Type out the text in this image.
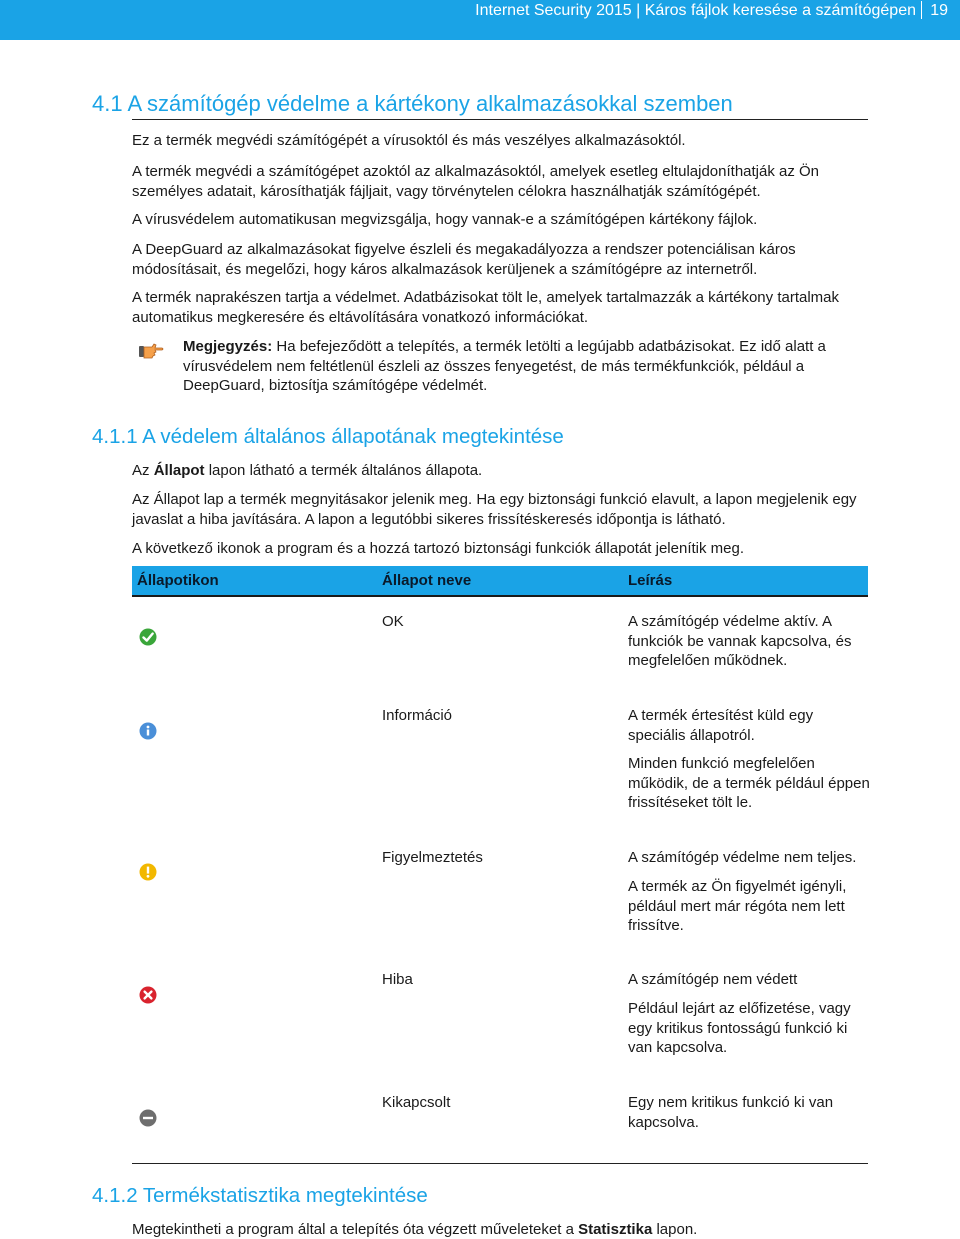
Internet Security 2015 | Káros fájlok keresése a számítógépen 19
4.1 A számítógép védelme a kártékony alkalmazásokkal szemben

Ez a termék megvédi számítógépét a vírusoktól és más veszélyes alkalmazásoktól.

A termék megvédi a számítógépet azoktól az alkalmazásoktól, amelyek esetleg eltulajdoníthatják az Ön személyes adatait, károsíthatják fájljait, vagy törvénytelen célokra használhatják számítógépét.

A vírusvédelem automatikusan megvizsgálja, hogy vannak-e a számítógépen kártékony fájlok.

A DeepGuard az alkalmazásokat figyelve észleli és megakadályozza a rendszer potenciálisan káros módosításait, és megelőzi, hogy káros alkalmazások kerüljenek a számítógépre az internetről.

A termék naprakészen tartja a védelmet. Adatbázisokat tölt le, amelyek tartalmazzák a kártékony tartalmak automatikus megkeresére és eltávolítására vonatkozó információkat.

Megjegyzés: Ha befejeződött a telepítés, a termék letölti a legújabb adatbázisokat. Ez idő alatt a vírusvédelem nem feltétlenül észleli az összes fenyegetést, de más termékfunkciók, például a DeepGuard, biztosítja számítógépe védelmét.

4.1.1 A védelem általános állapotának megtekintése

Az Állapot lapon látható a termék általános állapota.

Az Állapot lap a termék megnyitásakor jelenik meg. Ha egy biztonsági funkció elavult, a lapon megjelenik egy javaslat a hiba javítására. A lapon a legutóbbi sikeres frissítéskeresés időpontja is látható.

A következő ikonok a program és a hozzá tartozó biztonsági funkciók állapotát jelenítik meg.

Állapotikon	Állapot neve	Leírás
OK	A számítógép védelme aktív. A funkciók be vannak kapcsolva, és megfelelően működnek.
Információ	A termék értesítést küld egy speciális állapotról.
Minden funkció megfelelően működik, de a termék például éppen frissítéseket tölt le.
Figyelmeztetés	A számítógép védelme nem teljes.
A termék az Ön figyelmét igényli, például mert már régóta nem lett frissítve.
Hiba	A számítógép nem védett
Például lejárt az előfizetése, vagy egy kritikus fontosságú funkció ki van kapcsolva.
Kikapcsolt	Egy nem kritikus funkció ki van kapcsolva.
4.1.2 Termékstatisztika megtekintése

Megtekintheti a program által a telepítés óta végzett műveleteket a Statisztika lapon.
